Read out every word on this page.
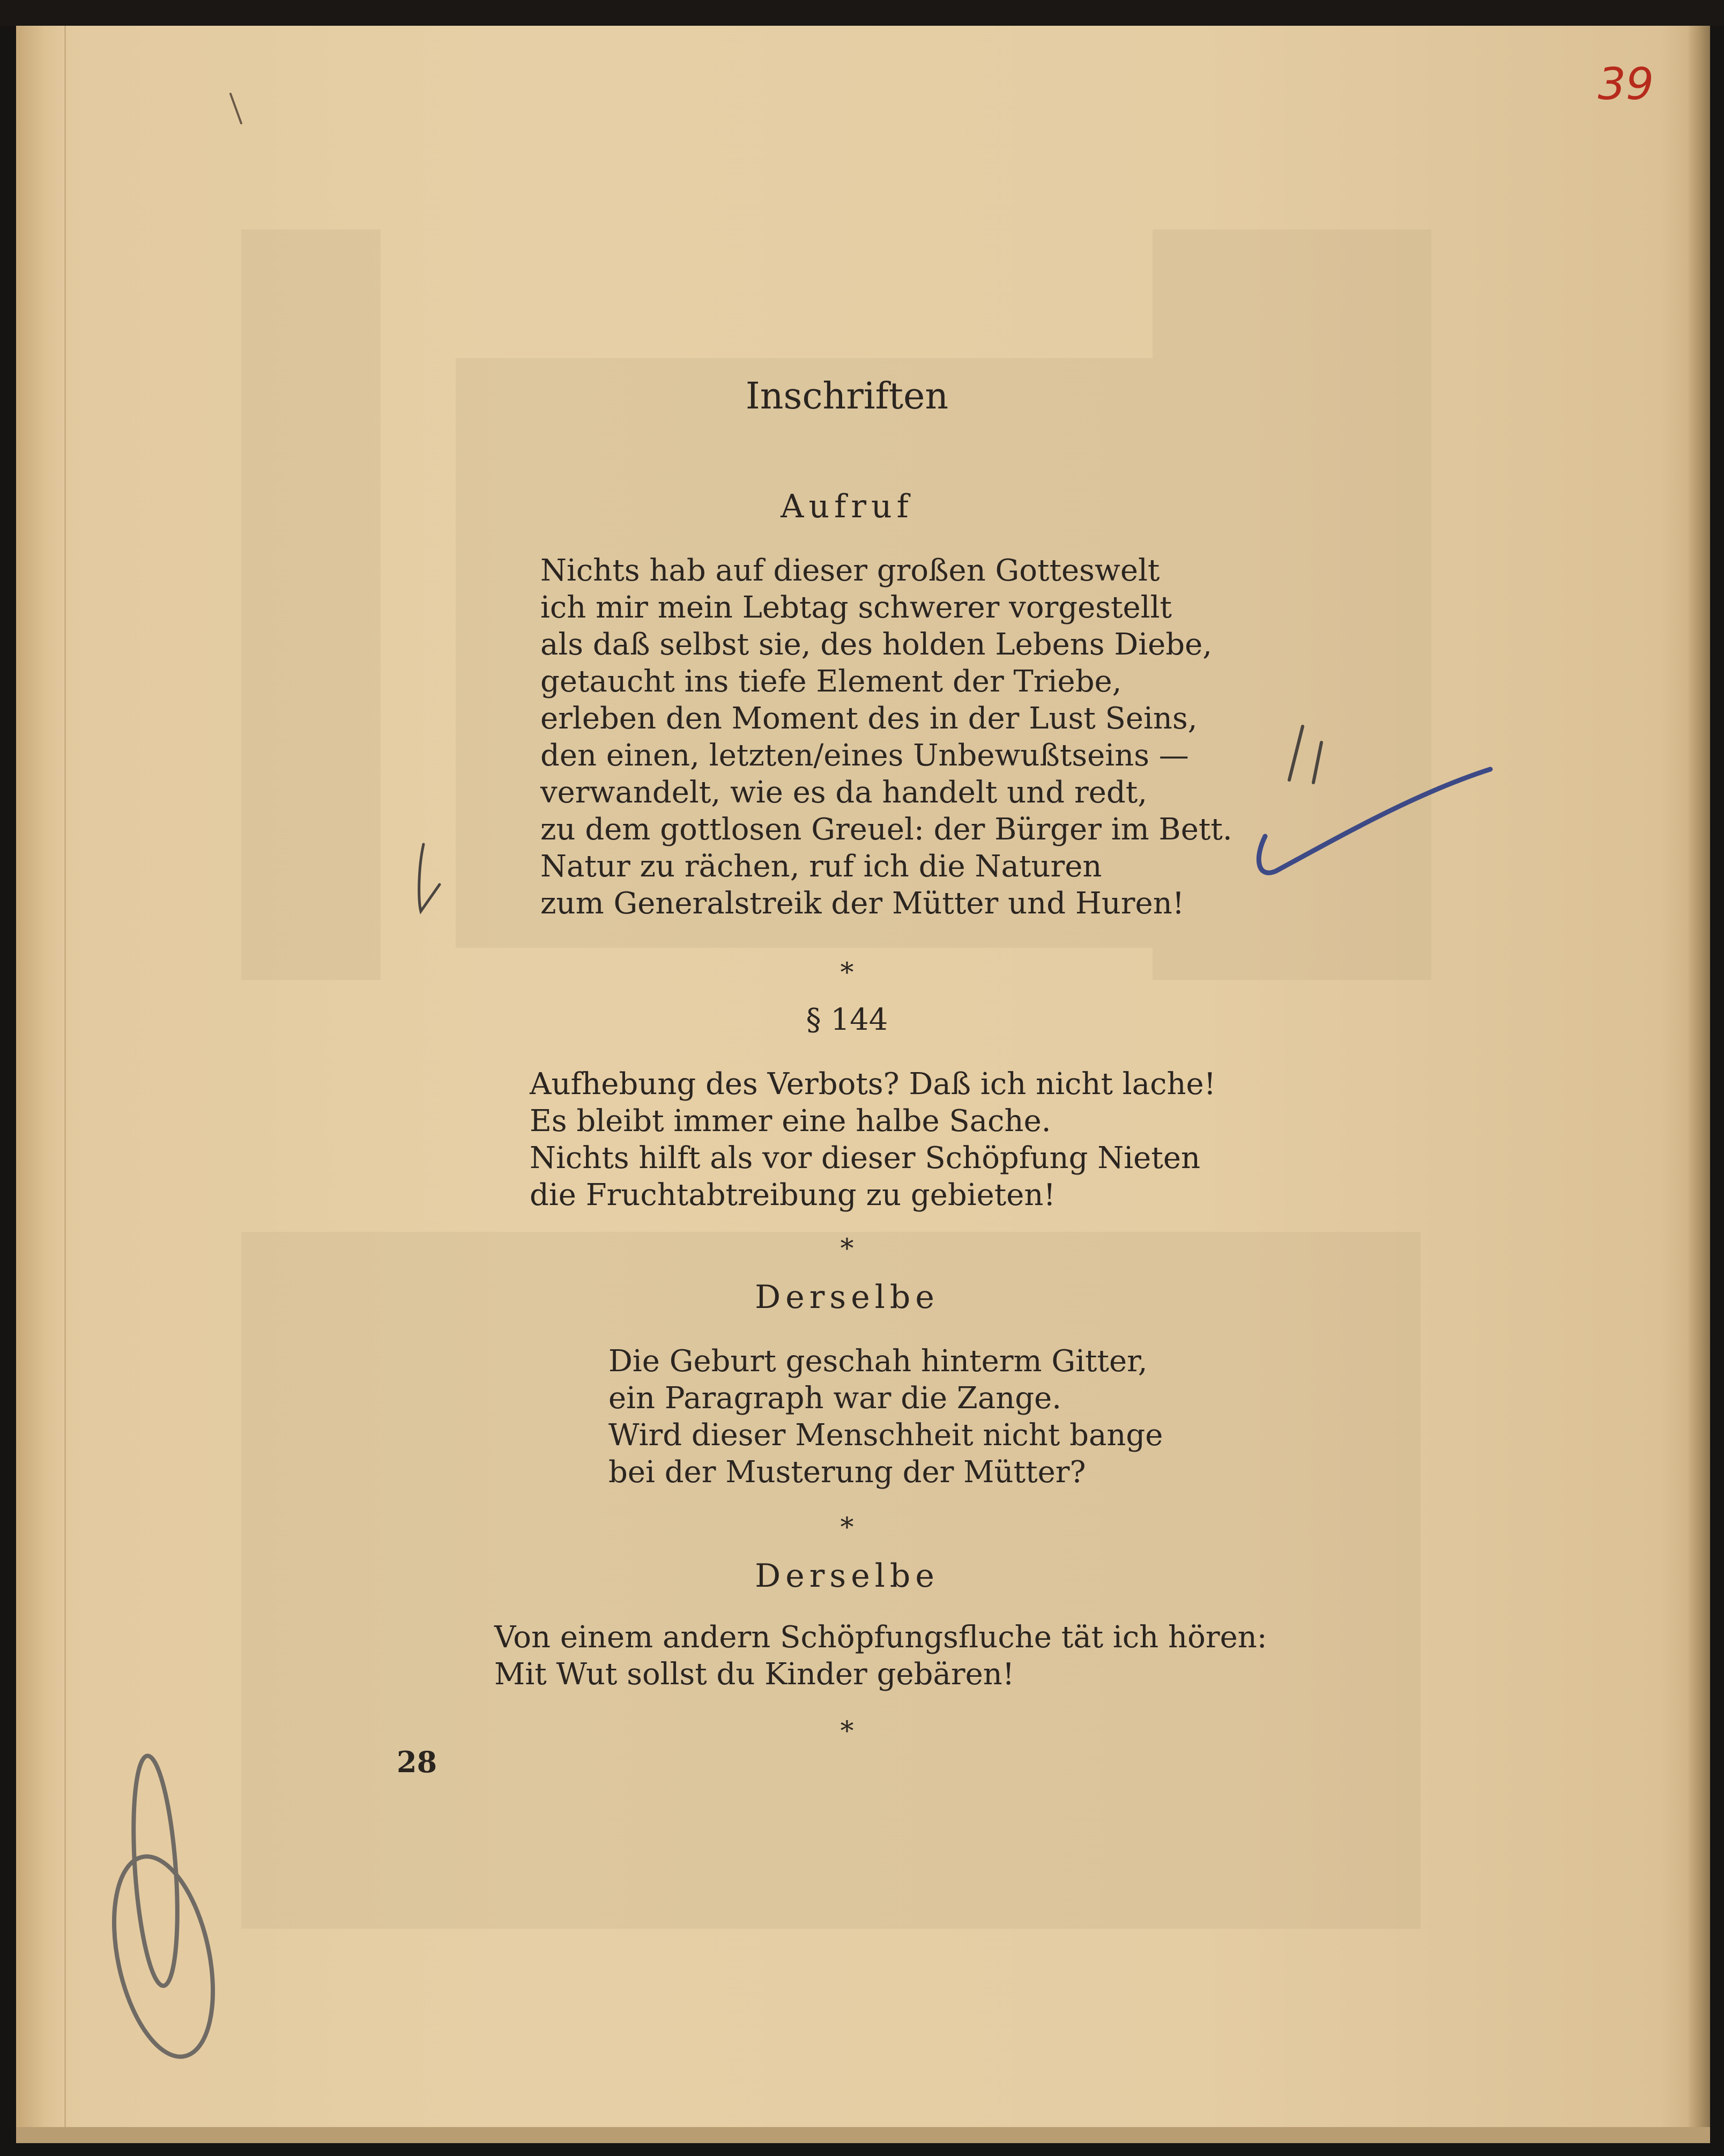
39
Inschriften
Aufruf
Nichts hab auf dieser großen Gotteswelt
ich mir mein Lebtag schwerer vorgestellt
als daß selbst sie, des holden Lebens Diebe,
getaucht ins tiefe Element der Triebe,
erleben den Moment des in der Lust Seins,
den einen, letzten/eines Unbewußtseins —
verwandelt, wie es da handelt und redt,
zu dem gottlosen Greuel: der Bürger im Bett.
Natur zu rächen, ruf ich die Naturen
zum Generalstreik der Mütter und Huren!
*
§ 144
Aufhebung des Verbots? Daß ich nicht lache!
Es bleibt immer eine halbe Sache.
Nichts hilft als vor dieser Schöpfung Nieten
die Fruchtabtreibung zu gebieten!
*
Derselbe
Die Geburt geschah hinterm Gitter,
ein Paragraph war die Zange.
Wird dieser Menschheit nicht bange
bei der Musterung der Mütter?
*
Derselbe
Von einem andern Schöpfungsfluche tät ich hören:
Mit Wut sollst du Kinder gebären!
*
28
